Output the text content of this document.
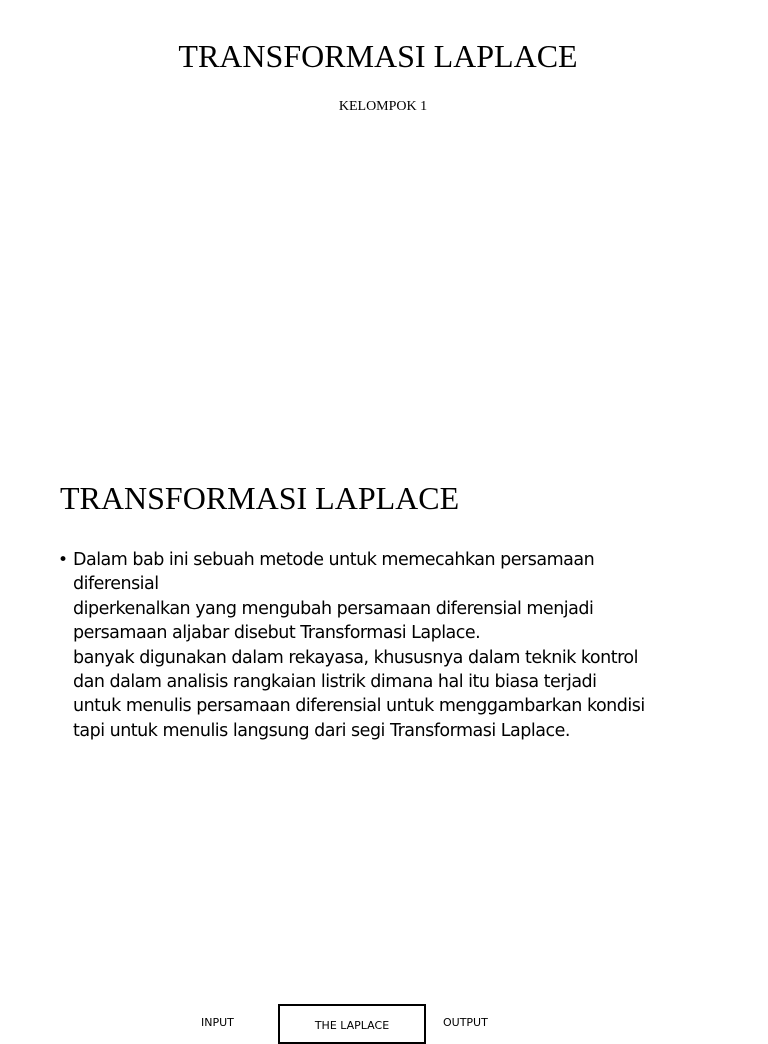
TRANSFORMASI LAPLACE

KELOMPOK 1

TRANSFORMASI LAPLACE
• Dalam bab ini sebuah metode untuk memecahkan persamaan
diferensial
diperkenalkan yang mengubah persamaan diferensial menjadi
persamaan aljabar disebut Transformasi Laplace.
banyak digunakan dalam rekayasa, khususnya dalam teknik kontrol
dan dalam analisis rangkaian listrik dimana hal itu biasa terjadi
untuk menulis persamaan diferensial untuk menggambarkan kondisi
tapi untuk menulis langsung dari segi Transformasi Laplace.
INPUT	THE LAPLACE	OUTPUT
